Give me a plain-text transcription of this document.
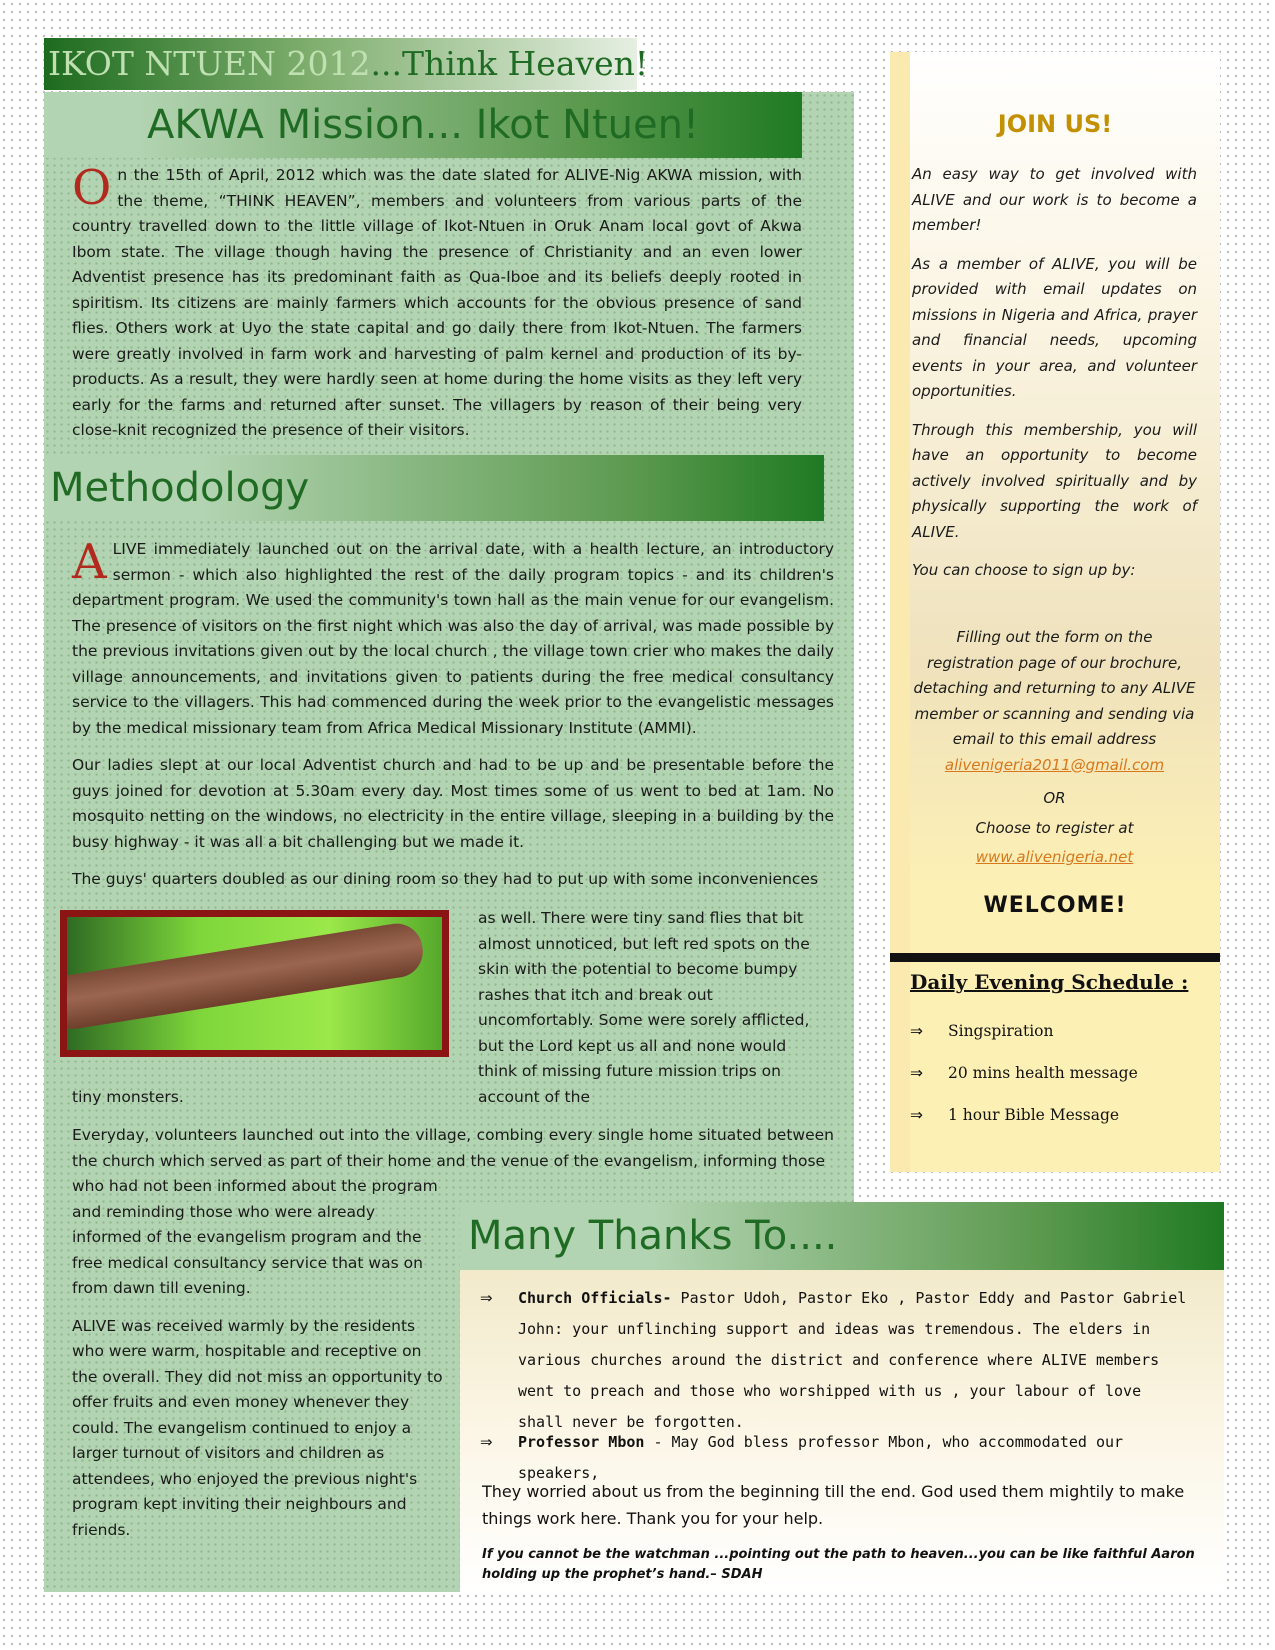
IKOT NTUEN 2012...Think Heaven!
AKWA Mission... Ikot Ntuen!

On the 15th of April, 2012 which was the date slated for ALIVE-Nig AKWA mission, with the theme, “THINK HEAVEN”, members and volunteers from various parts of the country travelled down to the little village of Ikot-Ntuen in Oruk Anam local govt of Akwa Ibom state. The village though having the presence of Christianity and an even lower Adventist presence has its predominant faith as Qua-Iboe and its beliefs deeply rooted in spiritism. Its citizens are mainly farmers which accounts for the obvious presence of sand flies. Others work at Uyo the state capital and go daily there from Ikot-Ntuen. The farmers were greatly involved in farm work and harvesting of palm kernel and production of its by- products. As a result, they were hardly seen at home during the home visits as they left very early for the farms and returned after sunset. The villagers by reason of their being very close-knit recognized the presence of their visitors.

Methodology

ALIVE immediately launched out on the arrival date, with a health lecture, an introductory sermon - which also highlighted the rest of the daily program topics - and its children's department program. We used the community's town hall as the main venue for our evangelism. The presence of visitors on the first night which was also the day of arrival, was made possible by the previous invitations given out by the local church , the village town crier who makes the daily village announcements, and invitations given to patients during the free medical consultancy service to the villagers. This had commenced during the week prior to the evangelistic messages by the medical missionary team from Africa Medical Missionary Institute (AMMI).

Our ladies slept at our local Adventist church and had to be up and be presentable before the guys joined for devotion at 5.30am every day. Most times some of us went to bed at 1am. No mosquito netting on the windows, no electricity in the entire village, sleeping in a building by the busy highway - it was all a bit challenging but we made it.

The guys' quarters doubled as our dining room so they had to put up with some inconveniences

as well. There were tiny sand flies that bit almost unnoticed, but left red spots on the skin with the potential to become bumpy rashes that itch and break out uncomfortably. Some were sorely afflicted, but the Lord kept us all and none would think of missing future mission trips on account of the
tiny monsters.
Everyday, volunteers launched out into the village, combing every single home situated between the church which served as part of their home and the venue of the evangelism, informing those

who had not been informed about the program and reminding those who were already informed of the evangelism program and the free medical consultancy service that was on from dawn till evening.

ALIVE was received warmly by the residents who were warm, hospitable and receptive on the overall. They did not miss an opportunity to offer fruits and even money whenever they could. The evangelism continued to enjoy a larger turnout of visitors and children as attendees, who enjoyed the previous night's program kept inviting their neighbours and friends.

JOIN US!

An easy way to get involved with ALIVE and our work is to become a member!

As a member of ALIVE, you will be provided with email updates on missions in Nigeria and Africa, prayer and financial needs, upcoming events in your area, and volunteer opportunities.

Through this membership, you will have an opportunity to become actively involved spiritually and by physically supporting the work of ALIVE.

You can choose to sign up by:

Filling out the form on the registration page of our brochure, detaching and returning to any ALIVE member or scanning and sending via email to this email address
alivenigeria2011@gmail.com
OR
Choose to register at
www.alivenigeria.net
WELCOME!
Daily Evening Schedule :
⇒ Singspiration
⇒ 20 mins health message
⇒ 1 hour Bible Message
Many Thanks To....
⇒ Church Officials- Pastor Udoh, Pastor Eko , Pastor Eddy and Pastor Gabriel John: your unflinching support and ideas was tremendous. The elders in various churches around the district and conference where ALIVE members went to preach and those who worshipped with us , your labour of love shall never be forgotten.
⇒ Professor Mbon - May God bless professor Mbon, who accommodated our speakers,
They worried about us from the beginning till the end. God used them mightily to make things work here. Thank you for your help.
If you cannot be the watchman ...pointing out the path to heaven...you can be like faithful Aaron holding up the prophet’s hand.– SDAH
